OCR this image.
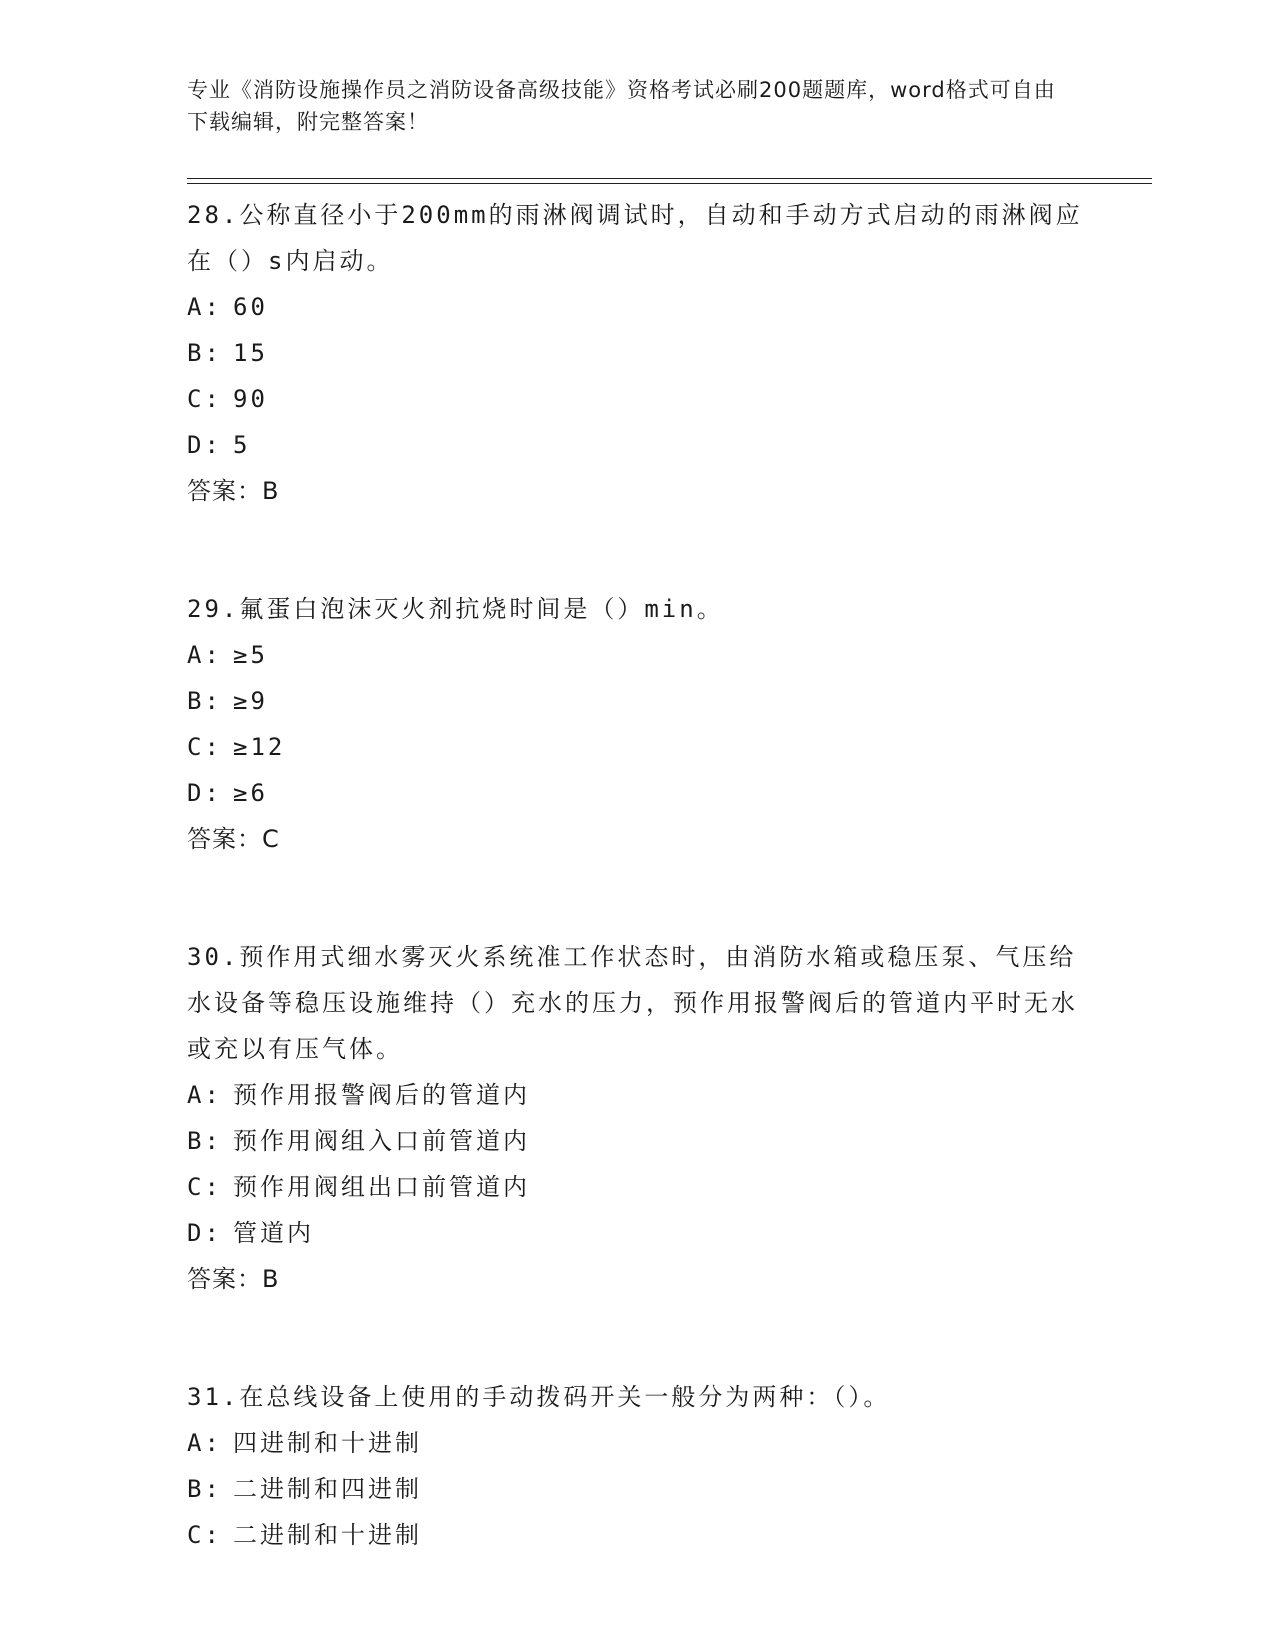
专业《消防设施操作员之消防设备高级技能》资格考试必刷200题题库，word格式可自由下载编辑，附完整答案！
28.公称直径小于200mm的雨淋阀调试时，自动和手动方式启动的雨淋阀应在（）s内启动。
A: 60
B: 15
C: 90
D: 5
答案：B
29.氟蛋白泡沫灭火剂抗烧时间是（）min。
A: ≥5
B: ≥9
C: ≥12
D: ≥6
答案：C
30.预作用式细水雾灭火系统准工作状态时，由消防水箱或稳压泵、气压给水设备等稳压设施维持（）充水的压力，预作用报警阀后的管道内平时无水或充以有压气体。
A: 预作用报警阀后的管道内
B: 预作用阀组入口前管道内
C: 预作用阀组出口前管道内
D: 管道内
答案：B
31.在总线设备上使用的手动拨码开关一般分为两种：（）。
A: 四进制和十进制
B: 二进制和四进制
C: 二进制和十进制
